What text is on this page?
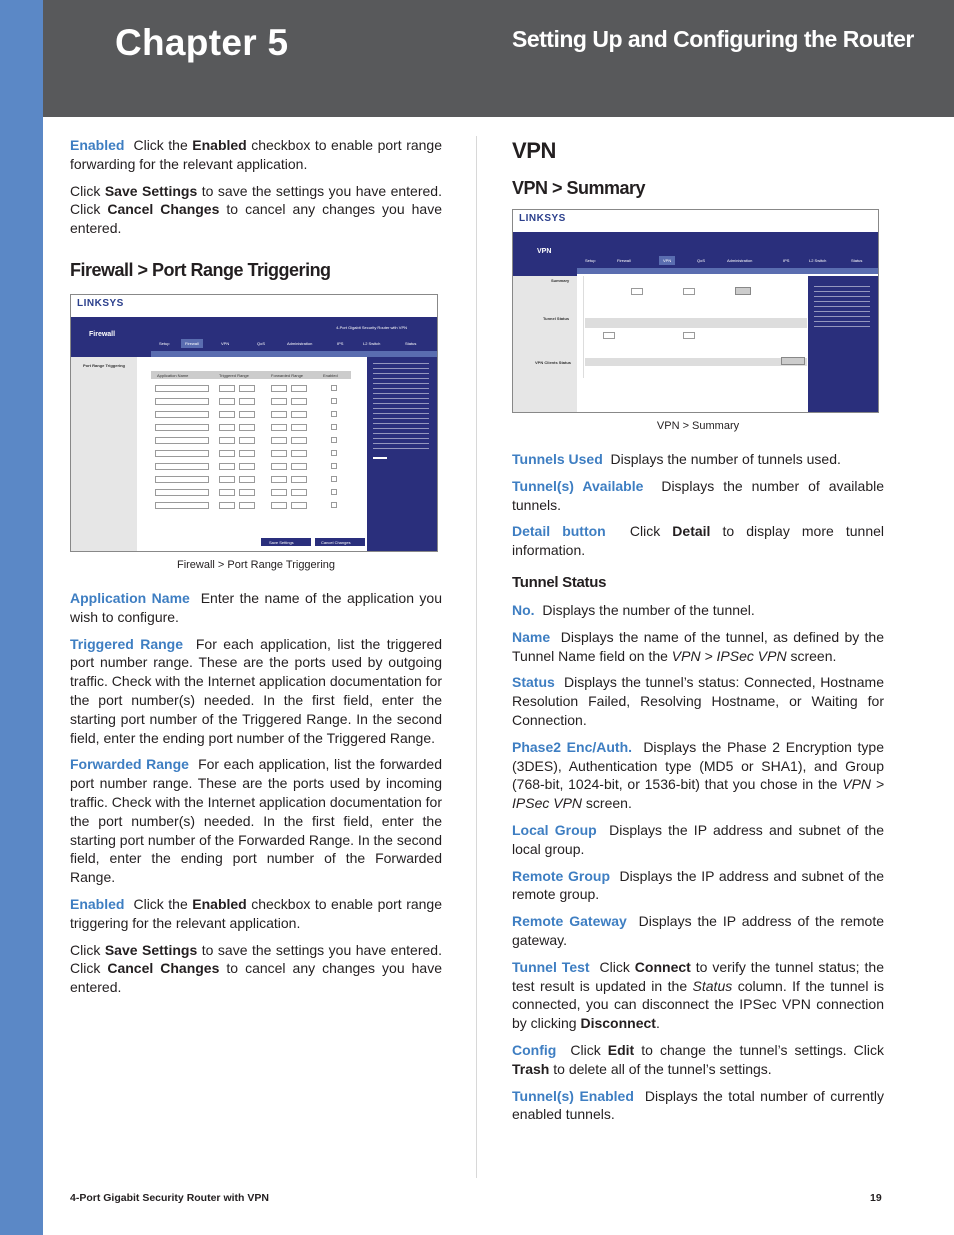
Chapter 5	Setting Up and Configuring the Router

Enabled Click the Enabled checkbox to enable port range forwarding for the relevant application.

Click Save Settings to save the settings you have entered. Click Cancel Changes to cancel any changes you have entered.

Firewall > Port Range Triggering
LINKSYS
Firewall
4-Port Gigabit Security Router with VPN
Setup	Firewall	VPN	QoS	Administration	IPS	L2 Switch	Status
Port Range Triggering
Application Name	Triggered Range	Forwarded Range	Enabled
Save Settings	Cancel Changes
Firewall > Port Range Triggering

Application Name Enter the name of the application you wish to configure.

Triggered Range For each application, list the triggered port number range. These are the ports used by outgoing traffic. Check with the Internet application documentation for the port number(s) needed. In the first field, enter the starting port number of the Triggered Range. In the second field, enter the ending port number of the Triggered Range.

Forwarded Range For each application, list the forwarded port number range. These are the ports used by incoming traffic. Check with the Internet application documentation for the port number(s) needed. In the first field, enter the starting port number of the Forwarded Range. In the second field, enter the ending port number of the Forwarded Range.

Enabled Click the Enabled checkbox to enable port range triggering for the relevant application.

Click Save Settings to save the settings you have entered. Click Cancel Changes to cancel any changes you have entered.

VPN
VPN > Summary
LINKSYS
VPN
Setup	Firewall	VPN	QoS	Administration	IPS	L2 Switch	Status
Summary
Tunnel Status
VPN Clients Status
VPN > Summary

Tunnels Used Displays the number of tunnels used.

Tunnel(s) Available Displays the number of available tunnels.

Detail button Click Detail to display more tunnel information.

Tunnel Status

No. Displays the number of the tunnel.

Name Displays the name of the tunnel, as defined by the Tunnel Name field on the VPN > IPSec VPN screen.

Status Displays the tunnel’s status: Connected, Hostname Resolution Failed, Resolving Hostname, or Waiting for Connection.

Phase2 Enc/Auth. Displays the Phase 2 Encryption type (3DES), Authentication type (MD5 or SHA1), and Group (768-bit, 1024-bit, or 1536-bit) that you chose in the VPN > IPSec VPN screen.

Local Group Displays the IP address and subnet of the local group.

Remote Group Displays the IP address and subnet of the remote group.

Remote Gateway Displays the IP address of the remote gateway.

Tunnel Test Click Connect to verify the tunnel status; the test result is updated in the Status column. If the tunnel is connected, you can disconnect the IPSec VPN connection by clicking Disconnect.

Config Click Edit to change the tunnel’s settings. Click Trash to delete all of the tunnel’s settings.

Tunnel(s) Enabled Displays the total number of currently enabled tunnels.

4-Port Gigabit Security Router with VPN	19
